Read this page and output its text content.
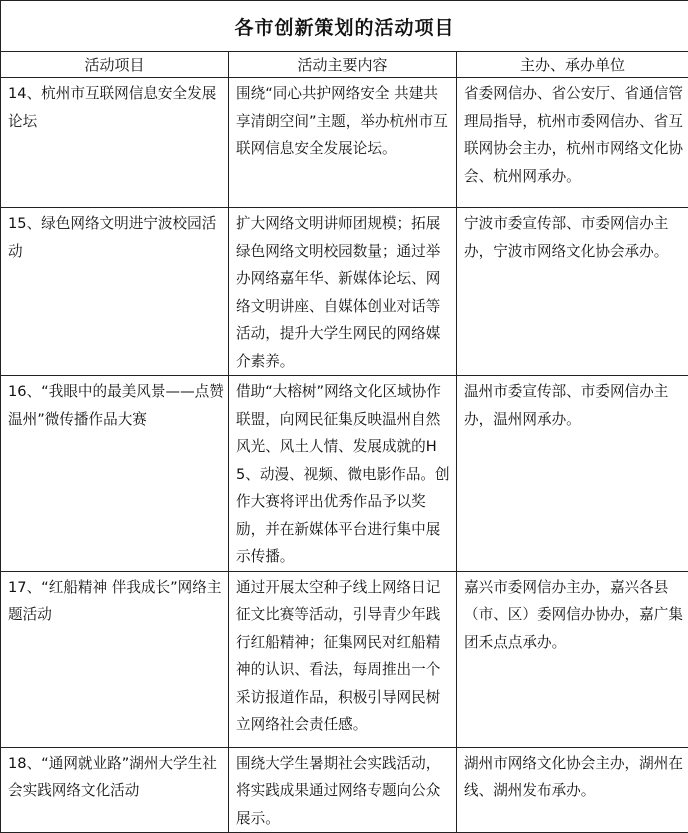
各市创新策划的活动项目		
活动项目	活动主要内容	主办、承办单位
14、杭州市互联网信息安全发展论坛	围绕“同心共护网络安全 共建共享清朗空间”主题，举办杭州市互联网信息安全发展论坛。	省委网信办、省公安厅、省通信管理局指导，杭州市委网信办、省互联网协会主办，杭州市网络文化协会、杭州网承办。
15、绿色网络文明进宁波校园活动	扩大网络文明讲师团规模；拓展绿色网络文明校园数量；通过举办网络嘉年华、新媒体论坛、网络文明讲座、自媒体创业对话等活动，提升大学生网民的网络媒介素养。	宁波市委宣传部、市委网信办主办，宁波市网络文化协会承办。
16、“我眼中的最美风景——点赞温州”微传播作品大赛	借助“大榕树”网络文化区域协作联盟，向网民征集反映温州自然风光、风土人情、发展成就的H5、动漫、视频、微电影作品。创作大赛将评出优秀作品予以奖励，并在新媒体平台进行集中展示传播。	温州市委宣传部、市委网信办主办，温州网承办。
17、“红船精神 伴我成长”网络主题活动	通过开展太空种子线上网络日记征文比赛等活动，引导青少年践行红船精神；征集网民对红船精神的认识、看法，每周推出一个采访报道作品，积极引导网民树立网络社会责任感。	嘉兴市委网信办主办，嘉兴各县（市、区）委网信办协办，嘉广集团禾点点承办。
18、“通网就业路”湖州大学生社会实践网络文化活动	围绕大学生暑期社会实践活动，将实践成果通过网络专题向公众展示。	湖州市网络文化协会主办，湖州在线、湖州发布承办。
